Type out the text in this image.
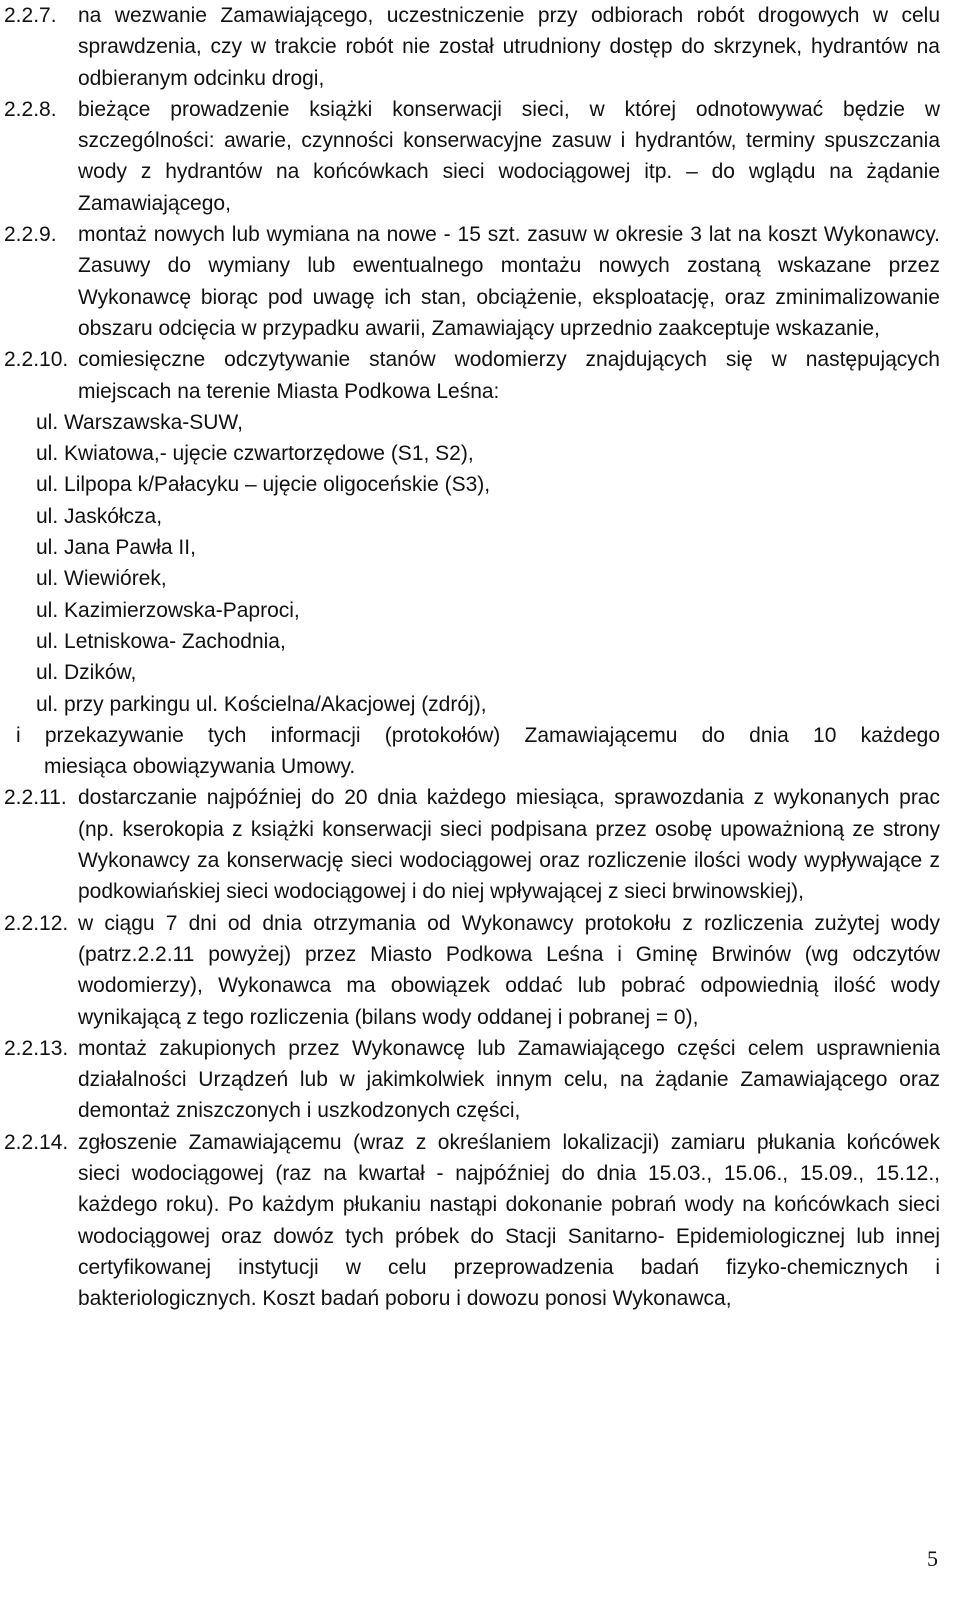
2.2.7.	na wezwanie Zamawiającego, uczestniczenie przy odbiorach robót drogowych w celu sprawdzenia, czy w trakcie robót nie został utrudniony dostęp do skrzynek, hydrantów na odbieranym odcinku drogi,
2.2.8.	bieżące prowadzenie książki konserwacji sieci, w której odnotowywać będzie w szczególności: awarie, czynności konserwacyjne zasuw i hydrantów, terminy spuszczania wody z hydrantów na końcówkach sieci wodociągowej itp. – do wglądu na żądanie Zamawiającego,
2.2.9.	montaż nowych lub wymiana na nowe - 15 szt. zasuw w okresie 3 lat na koszt Wykonawcy. Zasuwy do wymiany lub ewentualnego montażu nowych zostaną wskazane przez Wykonawcę biorąc pod uwagę ich stan, obciążenie, eksploatację, oraz zminimalizowanie obszaru odcięcia w przypadku awarii, Zamawiający uprzednio zaakceptuje wskazanie,
2.2.10. comiesięczne odczytywanie stanów wodomierzy znajdujących się w następujących miejscach na terenie Miasta Podkowa Leśna:
ul. Warszawska-SUW,
ul. Kwiatowa,- ujęcie czwartorzędowe (S1, S2),
ul. Lilpopa k/Pałacyku – ujęcie oligoceńskie (S3),
ul. Jaskółcza,
ul. Jana Pawła II,
ul. Wiewiórek,
ul. Kazimierzowska-Paproci,
ul. Letniskowa- Zachodnia,
ul. Dzików,
ul. przy parkingu ul. Kościelna/Akacjowej (zdrój),
i przekazywanie tych informacji (protokołów) Zamawiającemu do dnia 10 każdego
miesiąca obowiązywania Umowy.
2.2.11. dostarczanie najpóźniej do 20 dnia każdego miesiąca, sprawozdania z wykonanych prac (np. kserokopia z książki konserwacji sieci podpisana przez osobę upoważnioną ze strony Wykonawcy za konserwację sieci wodociągowej oraz rozliczenie ilości wody wypływające z podkowiańskiej sieci wodociągowej i do niej wpływającej z sieci brwinowskiej),
2.2.12. w ciągu 7 dni od dnia otrzymania od Wykonawcy protokołu z rozliczenia zużytej wody (patrz.2.2.11 powyżej) przez Miasto Podkowa Leśna i Gminę Brwinów (wg odczytów wodomierzy), Wykonawca ma obowiązek oddać lub pobrać odpowiednią ilość wody wynikającą z tego rozliczenia (bilans wody oddanej i pobranej = 0),
2.2.13. montaż zakupionych przez Wykonawcę lub Zamawiającego części celem usprawnienia działalności Urządzeń lub w jakimkolwiek innym celu, na żądanie Zamawiającego oraz demontaż zniszczonych i uszkodzonych części,
2.2.14. zgłoszenie Zamawiającemu (wraz z określaniem lokalizacji) zamiaru płukania końcówek sieci wodociągowej (raz na kwartał - najpóźniej do dnia 15.03., 15.06., 15.09., 15.12., każdego roku). Po każdym płukaniu nastąpi dokonanie pobrań wody na końcówkach sieci wodociągowej oraz dowóz tych próbek do Stacji Sanitarno- Epidemiologicznej lub innej certyfikowanej instytucji w celu przeprowadzenia badań fizyko-chemicznych i bakteriologicznych. Koszt badań poboru i dowozu ponosi Wykonawca,
5
